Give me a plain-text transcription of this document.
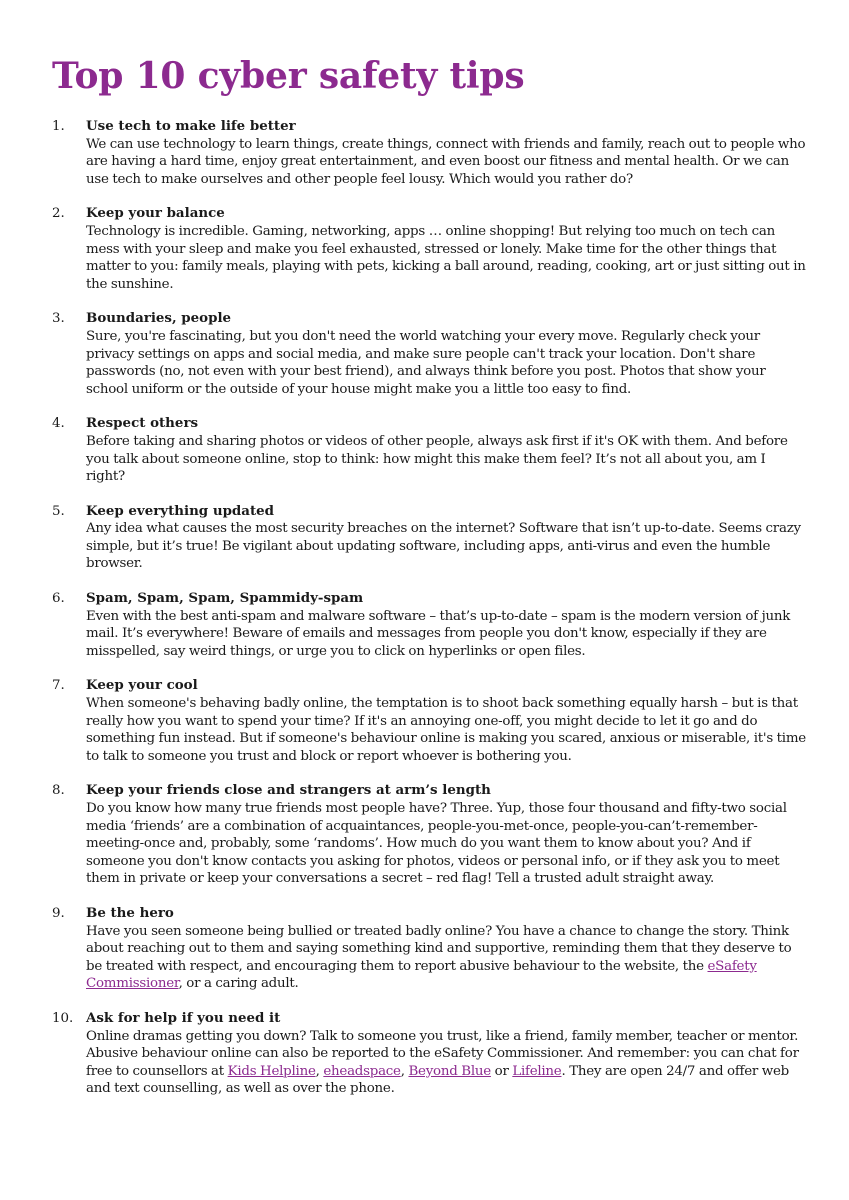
Top 10 cyber safety tips
1.	Use tech to make life better
We can use technology to learn things, create things, connect with friends and family, reach out to people who are having a hard time, enjoy great entertainment, and even boost our fitness and mental health. Or we can use tech to make ourselves and other people feel lousy. Which would you rather do?
2.	Keep your balance
Technology is incredible. Gaming, networking, apps … online shopping! But relying too much on tech can mess with your sleep and make you feel exhausted, stressed or lonely. Make time for the other things that matter to you: family meals, playing with pets, kicking a ball around, reading, cooking, art or just sitting out in the sunshine.
3.	Boundaries, people
Sure, you're fascinating, but you don't need the world watching your every move. Regularly check your privacy settings on apps and social media, and make sure people can't track your location. Don't share passwords (no, not even with your best friend), and always think before you post. Photos that show your school uniform or the outside of your house might make you a little too easy to find.
4.	Respect others
Before taking and sharing photos or videos of other people, always ask first if it's OK with them. And before you talk about someone online, stop to think: how might this make them feel? It’s not all about you, am I right?
5.	Keep everything updated
Any idea what causes the most security breaches on the internet? Software that isn’t up-to-date. Seems crazy simple, but it’s true! Be vigilant about updating software, including apps, anti-virus and even the humble browser.
6.	Spam, Spam, Spam, Spammidy-spam
Even with the best anti-spam and malware software – that’s up-to-date – spam is the modern version of junk mail. It’s everywhere! Beware of emails and messages from people you don't know, especially if they are misspelled, say weird things, or urge you to click on hyperlinks or open files.
7.	Keep your cool
When someone's behaving badly online, the temptation is to shoot back something equally harsh – but is that really how you want to spend your time? If it's an annoying one-off, you might decide to let it go and do something fun instead. But if someone's behaviour online is making you scared, anxious or miserable, it's time to talk to someone you trust and block or report whoever is bothering you.
8.	Keep your friends close and strangers at arm’s length
Do you know how many true friends most people have? Three. Yup, those four thousand and fifty-two social media ‘friends’ are a combination of acquaintances, people-you-met-once, people-you-can’t-remember-meeting-once and, probably, some ‘randoms’. How much do you want them to know about you? And if someone you don't know contacts you asking for photos, videos or personal info, or if they ask you to meet them in private or keep your conversations a secret – red flag! Tell a trusted adult straight away.
9.	Be the hero
Have you seen someone being bullied or treated badly online? You have a chance to change the story. Think about reaching out to them and saying something kind and supportive, reminding them that they deserve to be treated with respect, and encouraging them to report abusive behaviour to the website, the eSafety Commissioner, or a caring adult.
10. Ask for help if you need it
Online dramas getting you down? Talk to someone you trust, like a friend, family member, teacher or mentor. Abusive behaviour online can also be reported to the eSafety Commissioner. And remember: you can chat for free to counsellors at Kids Helpline, eheadspace, Beyond Blue or Lifeline. They are open 24/7 and offer web and text counselling, as well as over the phone.
